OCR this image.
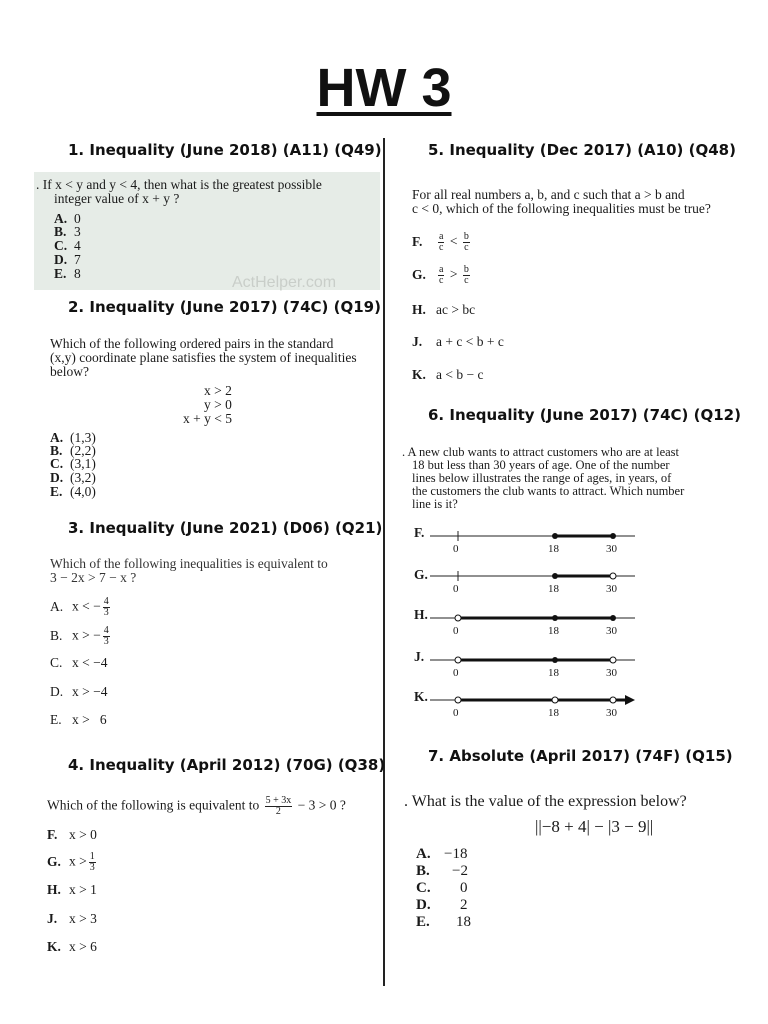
HW 3
1. Inequality (June 2018) (A11) (Q49)
. If x < y and y < 4, then what is the greatest possible
integer value of x + y ?
A. 0
B. 3
C. 4
D. 7
E. 8
ActHelper.com
2. Inequality (June 2017) (74C) (Q19)
Which of the following ordered pairs in the standard
(x,y) coordinate plane satisfies the system of inequalities
below?
x > 2
y > 0
x + y < 5
A. (1,3)
B. (2,2)
C. (3,1)
D. (3,2)
E. (4,0)
3. Inequality (June 2021) (D06) (Q21)
Which of the following inequalities is equivalent to
3 − 2x > 7 − x ?
A. x < − $\frac{4}{3}$
B. x > − $\frac{4}{3}$
C. x < −4
D. x > −4
E. x >   6
4. Inequality (April 2012) (70G) (Q38)
Which of the following is equivalent to $\frac{5 + 3x}{2} - 3 > 0$ ?
F. x > 0
G. $x > \frac{1}{3}$
H. x > 1
J. x > 3
K. x > 6
5. Inequality (Dec 2017) (A10) (Q48)
For all real numbers a, b, and c such that a > b and
c < 0, which of the following inequalities must be true?
F. $\frac{a}{c} < \frac{b}{c}$
G. $\frac{a}{c} > \frac{b}{c}$
H. ac > bc
J. a + c < b + c
K. a < b − c
6. Inequality (June 2017) (74C) (Q12)
. A new club wants to attract customers who are at least
18 but less than 30 years of age. One of the number
lines below illustrates the range of ages, in years, of
the customers the club wants to attract. Which number
line is it?
F.
0	18	30
G.
0	18	30
H.
0	18	30
J.
0	18	30
K.
0	18	30
7. Absolute (April 2017) (74F) (Q15)
. What is the value of the expression below?
||−8 + 4| − |3 − 9||
A. −18
B. −2
C. 0
D. 2
E. 18
